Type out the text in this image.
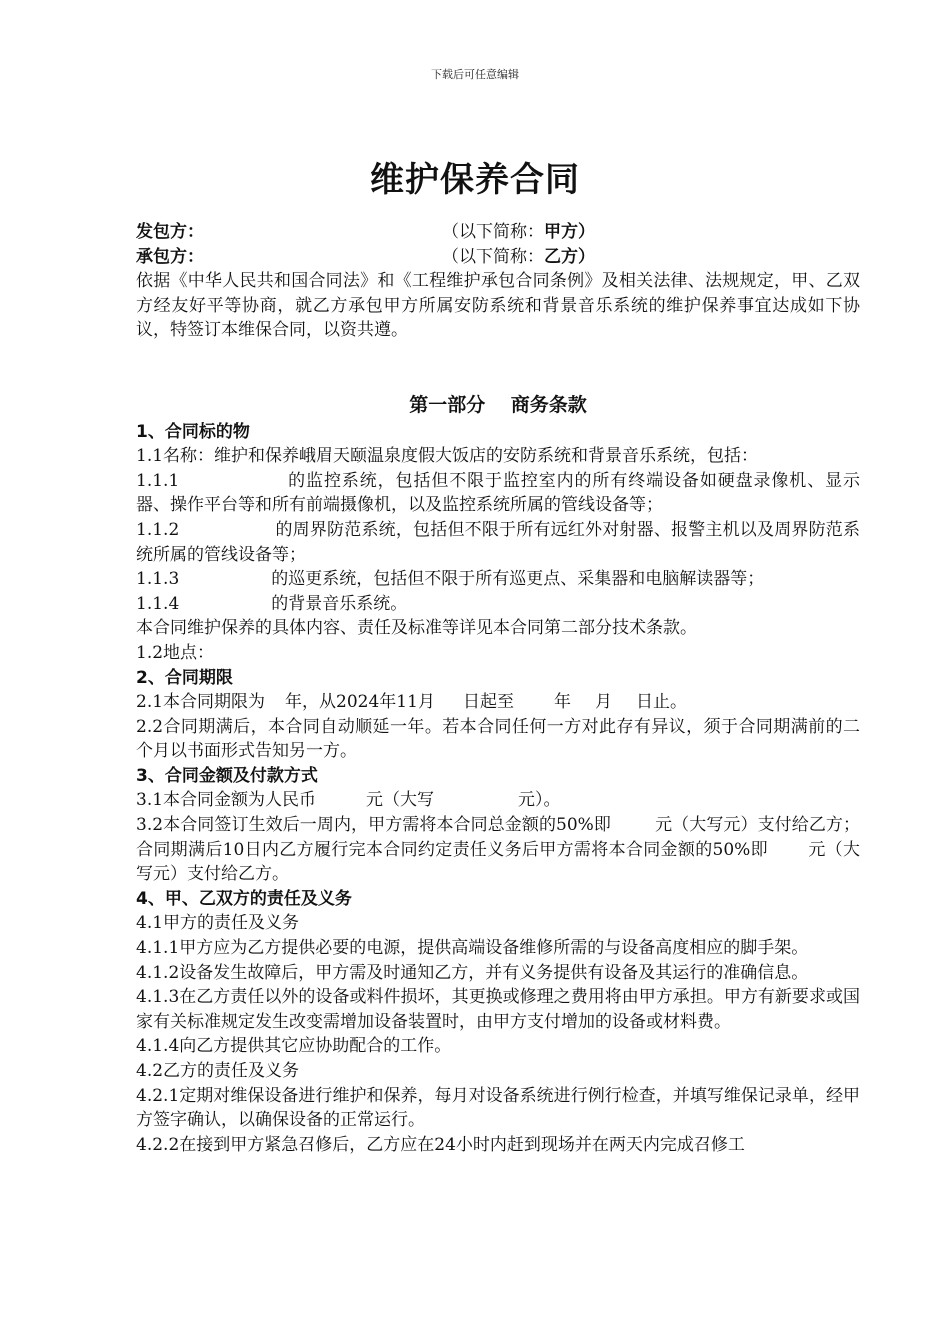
下载后可任意编辑
维护保养合同
发包方：	（以下简称： 甲方 ）
承包方：	（以下简称： 乙方 ）

依据《中华人民共和国合同法》和《工程维护承包合同条例》及相关法律、法规规定，甲、乙双方经友好平等协商，就乙方承包甲方所属安防系统和背景音乐系统的维护保养事宜达成如下协议，特签订本维保合同，以资共遵。

第一部分　 商务条款

1、合同标的物

1.1名称：维护和保养峨眉天颐温泉度假大饭店的安防系统和背景音乐系统，包括：

1.1.1	的监控系统，包括但不限于监控室内的所有终端设备如硬盘录像机、显示器、操作平台等和所有前端摄像机，以及监控系统所属的管线设备等；

1.1.2	的周界防范系统，包括但不限于所有远红外对射器、报警主机以及周界防范系统所属的管线设备等；

1.1.3	的巡更系统，包括但不限于所有巡更点、采集器和电脑解读器等；

1.1.4	的背景音乐系统。

本合同维护保养的具体内容、责任及标准等详见本合同第二部分技术条款。

1.2地点：

2、合同期限

2.1本合同期限为 年，从2024年11月 日起至 年 月 日止。

2.2合同期满后，本合同自动顺延一年。若本合同任何一方对此存有异议，须于合同期满前的二个月以书面形式告知另一方。

3、合同金额及付款方式

3.1本合同金额为人民币	元（大写	元）。

3.2本合同签订生效后一周内，甲方需将本合同总金额的50%即	元（大写元）支付给乙方；合同期满后10日内乙方履行完本合同约定责任义务后甲方需将本合同金额的50%即 元（大写元）支付给乙方。

4、甲、乙双方的责任及义务

4.1甲方的责任及义务

4.1.1甲方应为乙方提供必要的电源，提供高端设备维修所需的与设备高度相应的脚手架。

4.1.2设备发生故障后，甲方需及时通知乙方，并有义务提供有设备及其运行的准确信息。

4.1.3在乙方责任以外的设备或料件损坏，其更换或修理之费用将由甲方承担。甲方有新要求或国家有关标准规定发生改变需增加设备装置时，由甲方支付增加的设备或材料费。

4.1.4向乙方提供其它应协助配合的工作。

4.2乙方的责任及义务

4.2.1定期对维保设备进行维护和保养，每月对设备系统进行例行检查，并填写维保记录单，经甲方签字确认，以确保设备的正常运行。

4.2.2在接到甲方紧急召修后，乙方应在24小时内赶到现场并在两天内完成召修工
